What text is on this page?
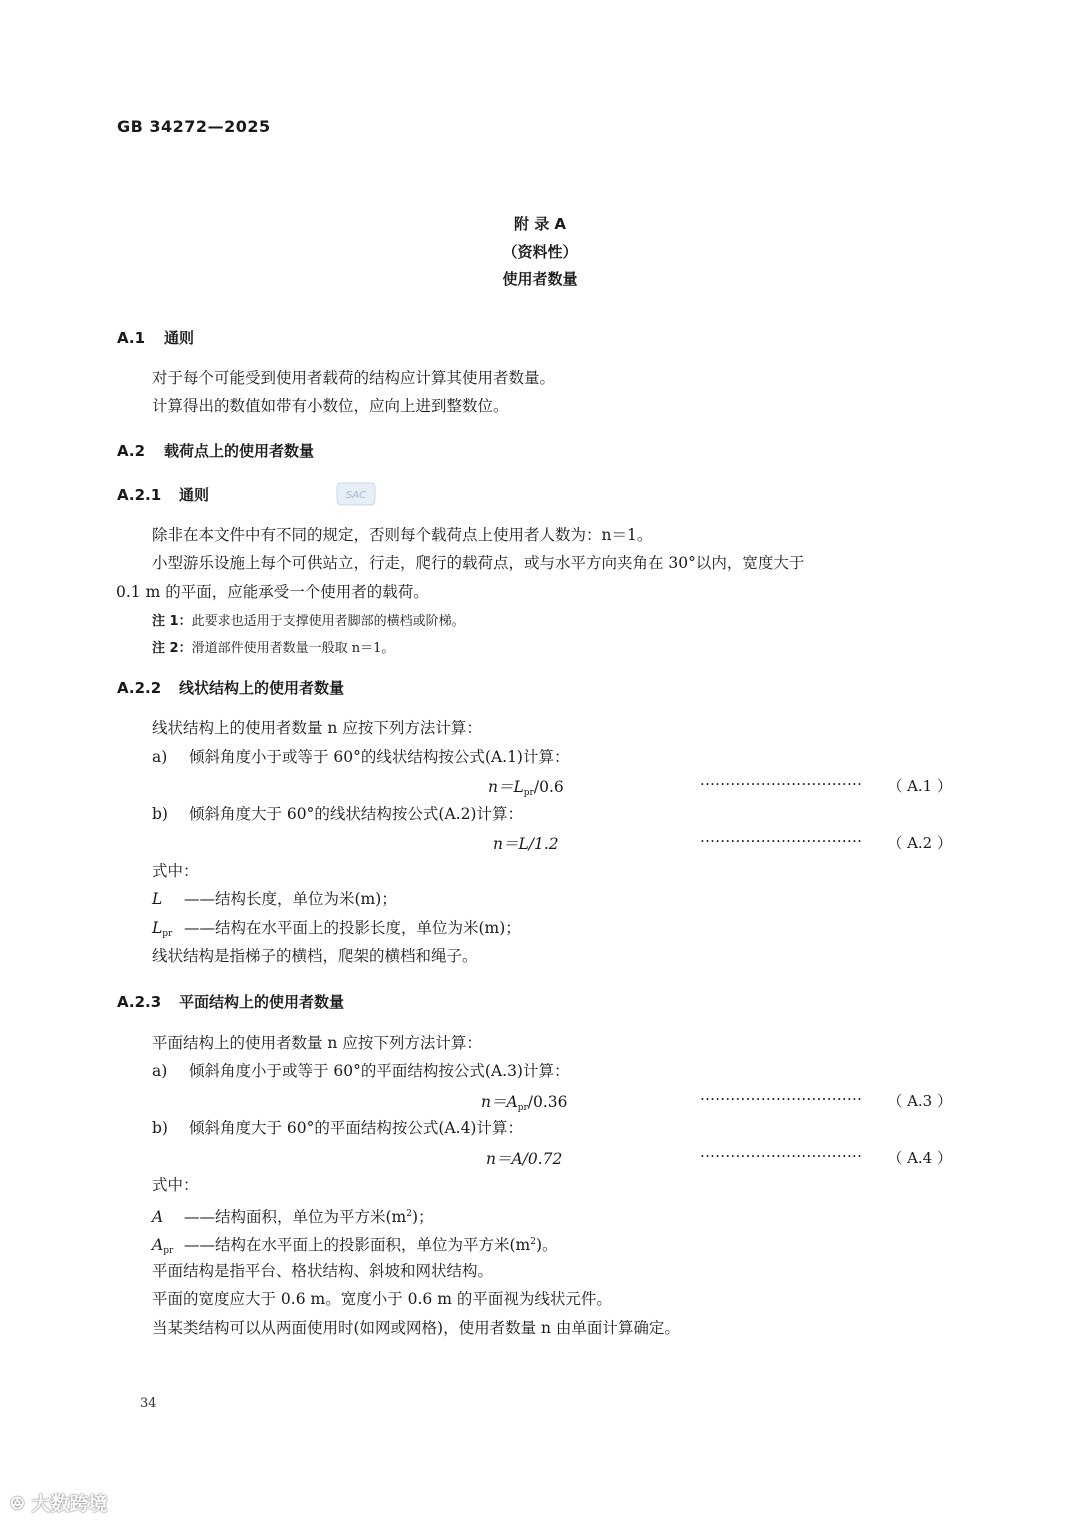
GB 34272—2025
附 录 A
（资料性）
使用者数量
A.1 通则
对于每个可能受到使用者载荷的结构应计算其使用者数量。
计算得出的数值如带有小数位，应向上进到整数位。
A.2 载荷点上的使用者数量
A.2.1 通则	SAC
除非在本文件中有不同的规定，否则每个载荷点上使用者人数为：n＝1。
小型游乐设施上每个可供站立，行走，爬行的载荷点，或与水平方向夹角在 30°以内，宽度大于
0.1 m 的平面，应能承受一个使用者的载荷。
注 1：此要求也适用于支撑使用者脚部的横档或阶梯。
注 2：滑道部件使用者数量一般取 n＝1。
A.2.2 线状结构上的使用者数量
线状结构上的使用者数量 n 应按下列方法计算：
a) 倾斜角度小于或等于 60°的线状结构按公式(A.1)计算：
$n=L_{pr}/0.6$	································	（ A.1 ）
b) 倾斜角度大于 60°的线状结构按公式(A.2)计算：
n＝L/1.2	································	（ A.2 ）
式中：
L ——结构长度，单位为米(m)；
$L_{pr}$ ——结构在水平面上的投影长度，单位为米(m)；
线状结构是指梯子的横档，爬架的横档和绳子。
A.2.3 平面结构上的使用者数量
平面结构上的使用者数量 n 应按下列方法计算：
a) 倾斜角度小于或等于 60°的平面结构按公式(A.3)计算：
$n=A_{pr}/0.36$	································	（ A.3 ）
b) 倾斜角度大于 60°的平面结构按公式(A.4)计算：
n＝A/0.72	································	（ A.4 ）
式中：
A ——结构面积，单位为平方米$(m^2)$；
$A_{pr}$ ——结构在水平面上的投影面积，单位为平方米$(m^2)$。
平面结构是指平台、格状结构、斜坡和网状结构。
平面的宽度应大于 0.6 m。宽度小于 0.6 m 的平面视为线状元件。
当某类结构可以从两面使用时(如网或网格)，使用者数量 n 由单面计算确定。
34
ꔮ 大数跨境
